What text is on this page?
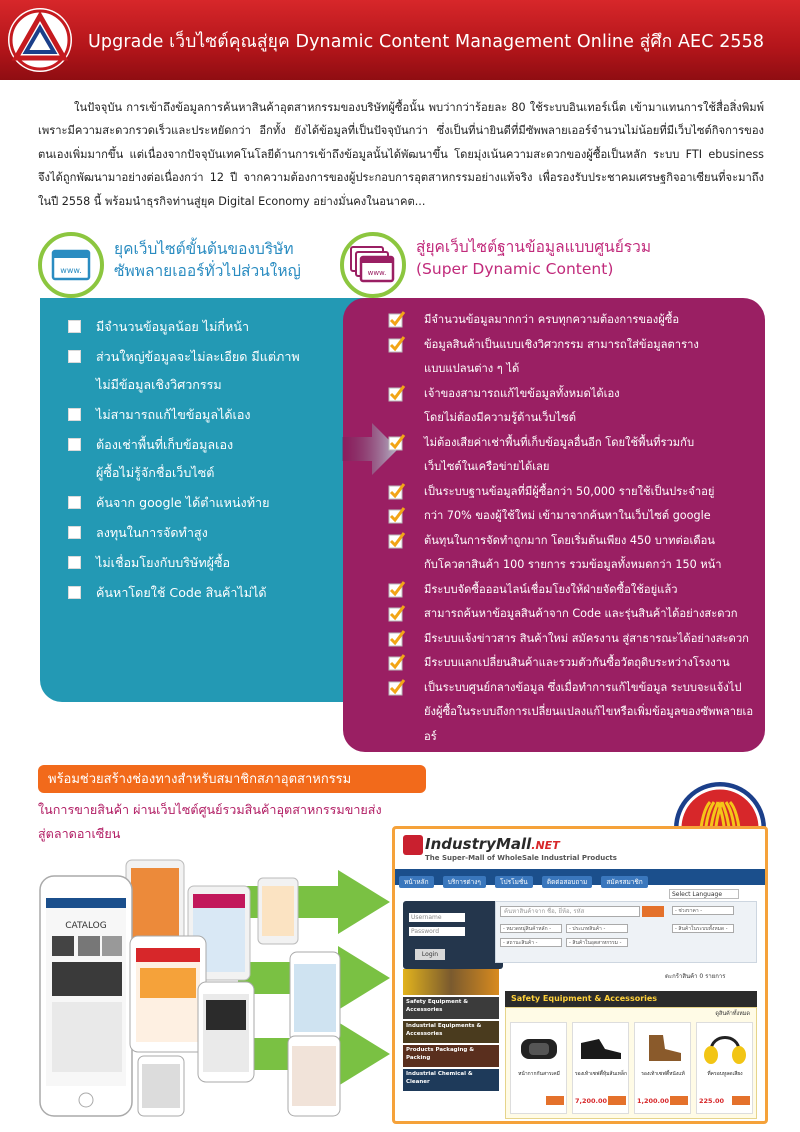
Upgrade เว็บไซต์คุณสู่ยุค Dynamic Content Management Online สู่ศึก AEC 2558
ในปัจจุบัน การเข้าถึงข้อมูลการค้นหาสินค้าอุตสาหกรรมของบริษัทผู้ซื้อนั้น พบว่ากว่าร้อยละ 80 ใช้ระบบอินเทอร์เน็ต เข้ามาแทนการใช้สื่อสิ่งพิมพ์ เพราะมีความสะดวกรวดเร็วและประหยัดกว่า อีกทั้ง ยังได้ข้อมูลที่เป็นปัจจุบันกว่า ซึ่งเป็นที่น่ายินดีที่มีซัพพลายเออร์จำนวนไม่น้อยที่มีเว็บไซต์กิจการของตนเองเพิ่มมากขึ้น แต่เนื่องจากปัจจุบันเทคโนโลยีด้านการเข้าถึงข้อมูลนั้นได้พัฒนาขึ้น โดยมุ่งเน้นความสะดวกของผู้ซื้อเป็นหลัก ระบบ FTI ebusiness จึงได้ถูกพัฒนามาอย่างต่อเนื่องกว่า 12 ปี จากความต้องการของผู้ประกอบการอุตสาหกรรมอย่างแท้จริง เพื่อรองรับประชาคมเศรษฐกิจอาเซียนที่จะมาถึงในปี 2558 นี้ พร้อมนำธุรกิจท่านสู่ยุค Digital Economy อย่างมั่นคงในอนาคต...
www.
ยุคเว็บไซต์ขั้นต้นของบริษัท
ซัพพลายเออร์ทั่วไปส่วนใหญ่	www.
สู่ยุคเว็บไซต์ฐานข้อมูลแบบศูนย์รวม
(Super Dynamic Content)
มีจำนวนข้อมูลน้อย ไม่กี่หน้า
ส่วนใหญ่ข้อมูลจะไม่ละเอียด มีแต่ภาพ
ไม่มีข้อมูลเชิงวิศวกรรม
ไม่สามารถแก้ไขข้อมูลได้เอง
ต้องเช่าพื้นที่เก็บข้อมูลเอง
ผู้ซื้อไม่รู้จักชื่อเว็บไซต์
ค้นจาก google ได้ตำแหน่งท้าย
ลงทุนในการจัดทำสูง
ไม่เชื่อมโยงกับบริษัทผู้ซื้อ
ค้นหาโดยใช้ Code สินค้าไม่ได้
มีจำนวนข้อมูลมากกว่า ครบทุกความต้องการของผู้ซื้อ
ข้อมูลสินค้าเป็นแบบเชิงวิศวกรรม สามารถใส่ข้อมูลตาราง
แบบแปลนต่าง ๆ ได้
เจ้าของสามารถแก้ไขข้อมูลทั้งหมดได้เอง
โดยไม่ต้องมีความรู้ด้านเว็บไซต์
ไม่ต้องเสียค่าเช่าพื้นที่เก็บข้อมูลอื่นอีก โดยใช้พื้นที่รวมกับ
เว็บไซต์ในเครือข่ายได้เลย
เป็นระบบฐานข้อมูลที่มีผู้ซื้อกว่า 50,000 รายใช้เป็นประจำอยู่
กว่า 70% ของผู้ใช้ใหม่ เข้ามาจากค้นหาในเว็บไซต์ google
ต้นทุนในการจัดทำถูกมาก โดยเริ่มต้นเพียง 450 บาทต่อเดือน
กับโควตาสินค้า 100 รายการ รวมข้อมูลทั้งหมดกว่า 150 หน้า
มีระบบจัดซื้อออนไลน์เชื่อมโยงให้ฝ่ายจัดซื้อใช้อยู่แล้ว
สามารถค้นหาข้อมูลสินค้าจาก Code และรุ่นสินค้าได้อย่างสะดวก
มีระบบแจ้งข่าวสาร สินค้าใหม่ สมัครงาน สู่สาธารณะได้อย่างสะดวก
มีระบบแลกเปลี่ยนสินค้าและรวมตัวกันซื้อวัตถุดิบระหว่างโรงงาน
เป็นระบบศูนย์กลางข้อมูล ซึ่งเมื่อทำการแก้ไขข้อมูล ระบบจะแจ้งไป
ยังผู้ซื้อในระบบถึงการเปลี่ยนแปลงแก้ไขหรือเพิ่มข้อมูลของซัพพลายเออร์
พร้อมช่วยสร้างช่องทางสำหรับสมาชิกสภาอุตสาหกรรม
ในการขายสินค้า ผ่านเว็บไซต์ศูนย์รวมสินค้าอุตสาหกรรมขายส่ง
สู่ตลาดอาเซียน
CATALOG
IndustryMall.NET
The Super-Mall of WholeSale Industrial Products
หน้าหลัก	บริการต่างๆ	โปรโมชั่น	ติดต่อสอบถาม	สมัครสมาชิก
Select Language
Username
Password
Login
ค้นหาสินค้าจาก ชื่อ, ยี่ห้อ, รหัส
- หมวดหมู่สินค้าหลัก -	- ประเภทสินค้า -
- ช่วงราคา -
- สถานะสินค้า -	- สินค้าในอุตสาหกรรม -
- สินค้าในระบบทั้งหมด -
ตะกร้าสินค้า 0 รายการ
Safety Equipment & Accessories
Industrial Equipments & Accessories
Products Packaging & Packing
Industrial Chemical & Cleaner
Safety Equipment & Accessories
ดูสินค้าทั้งหมด
หน้ากากกันสารเคมี	รองเท้าเซฟตี้หุ้มส้นเหล็ก
7,200.00
รองเท้าเซฟตี้หนังแท้
1,200.00
ที่ครอบหูลดเสียง
225.00
